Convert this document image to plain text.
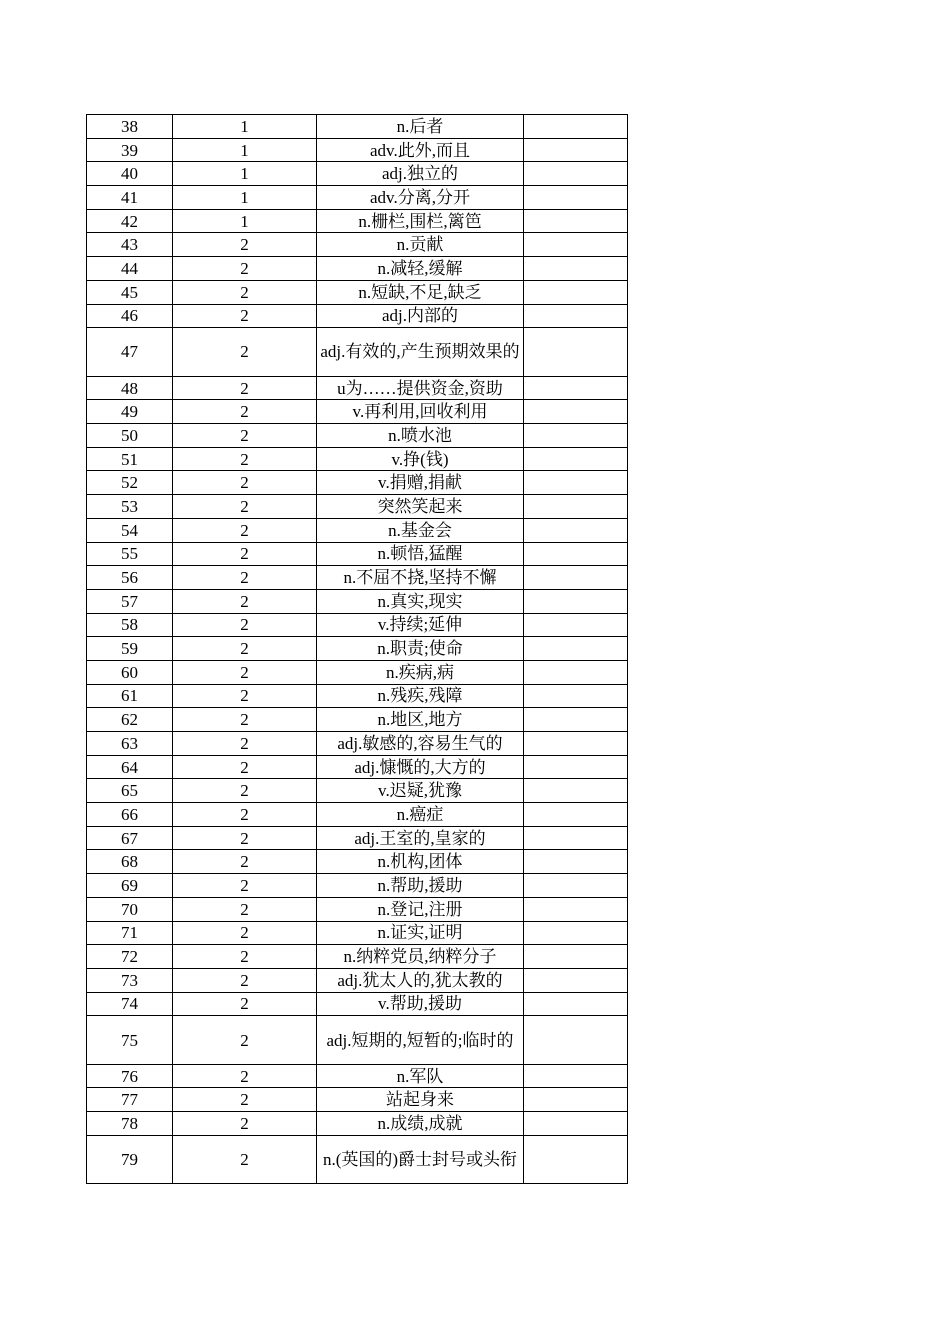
38	1	n.后者	
39	1	adv.此外,而且	
40	1	adj.独立的	
41	1	adv.分离,分开	
42	1	n.栅栏,围栏,篱笆	
43	2	n.贡献	
44	2	n.减轻,缓解	
45	2	n.短缺,不足,缺乏	
46	2	adj.内部的	
47	2	adj.有效的,产生预期效果的	
48	2	u为……提供资金,资助	
49	2	v.再利用,回收利用	
50	2	n.喷水池	
51	2	v.挣(钱)	
52	2	v.捐赠,捐献	
53	2	突然笑起来	
54	2	n.基金会	
55	2	n.顿悟,猛醒	
56	2	n.不屈不挠,坚持不懈	
57	2	n.真实,现实	
58	2	v.持续;延伸	
59	2	n.职责;使命	
60	2	n.疾病,病	
61	2	n.残疾,残障	
62	2	n.地区,地方	
63	2	adj.敏感的,容易生气的	
64	2	adj.慷慨的,大方的	
65	2	v.迟疑,犹豫	
66	2	n.癌症	
67	2	adj.王室的,皇家的	
68	2	n.机构,团体	
69	2	n.帮助,援助	
70	2	n.登记,注册	
71	2	n.证实,证明	
72	2	n.纳粹党员,纳粹分子	
73	2	adj.犹太人的,犹太教的	
74	2	v.帮助,援助	
75	2	adj.短期的,短暂的;临时的	
76	2	n.军队	
77	2	站起身来	
78	2	n.成绩,成就	
79	2	n.(英国的)爵士封号或头衔	
